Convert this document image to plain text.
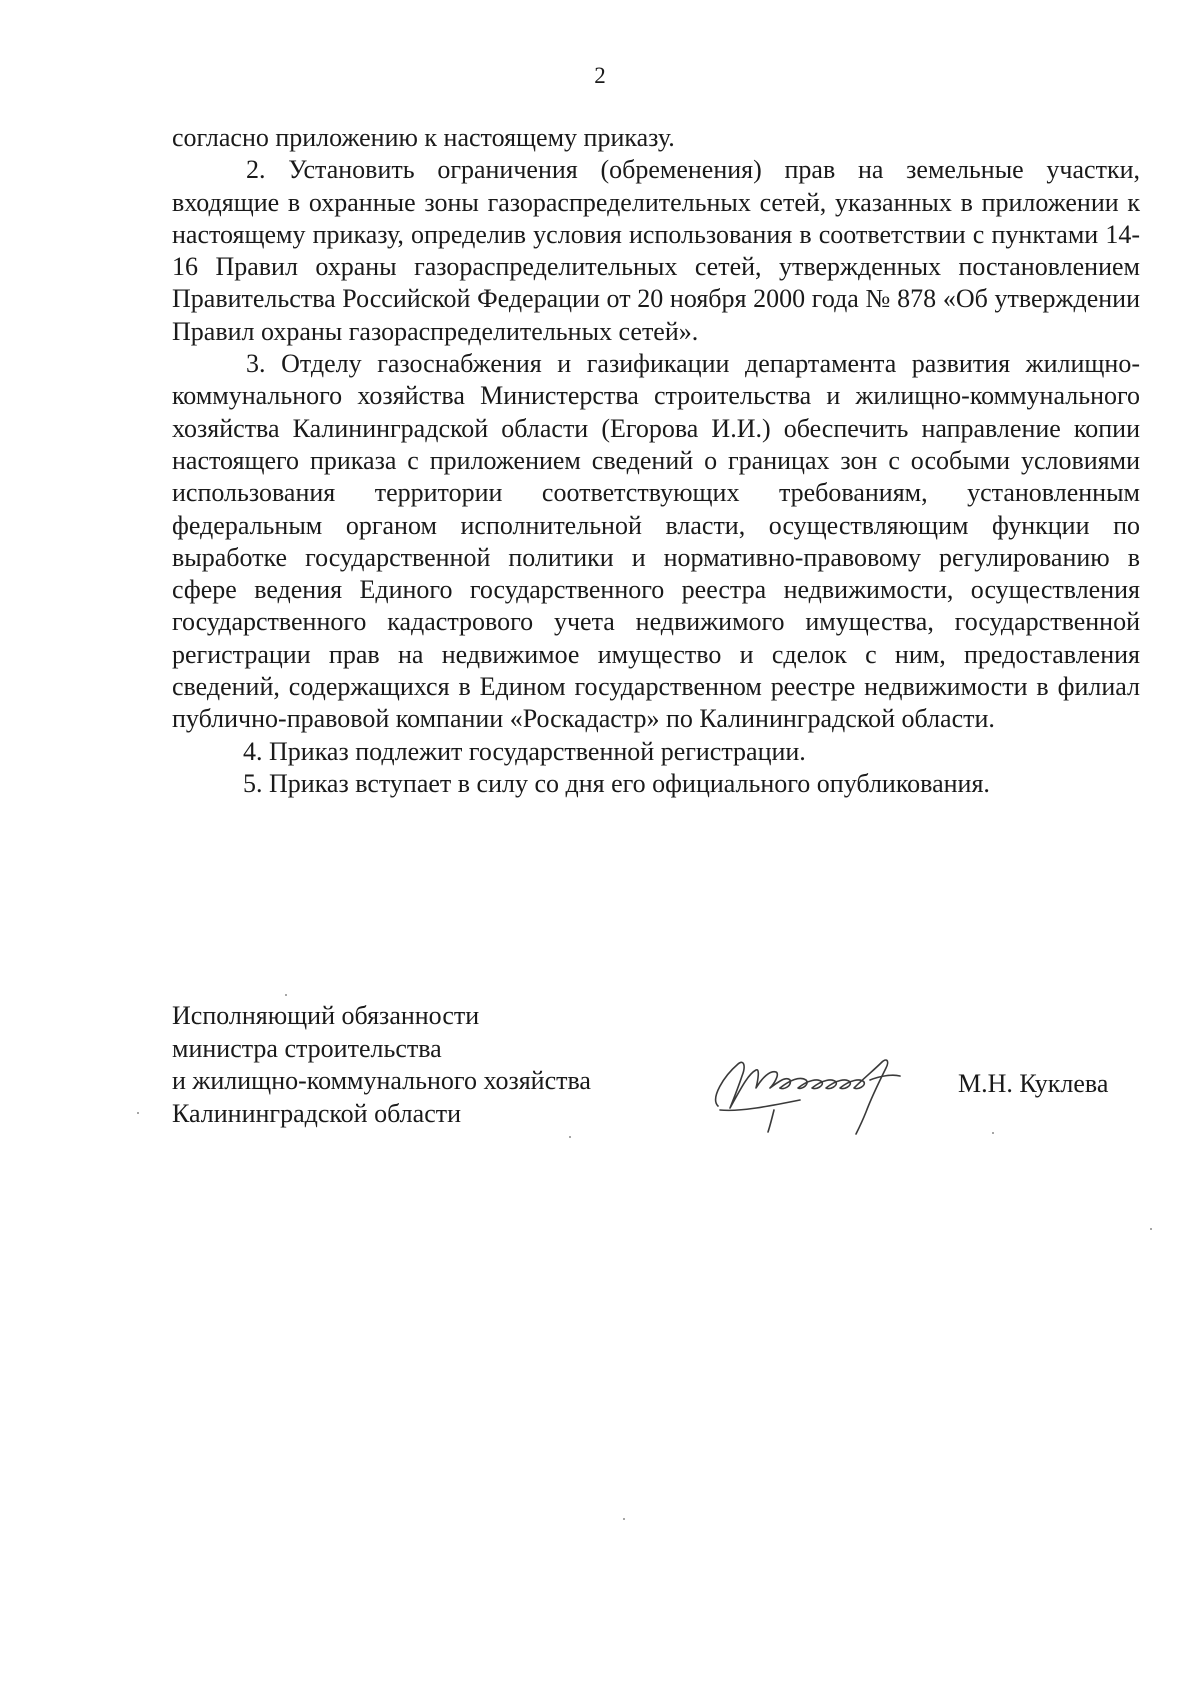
2

согласно приложению к настоящему приказу.

2. Установить ограничения (обременения) прав на земельные участки, входящие в охранные зоны газораспределительных сетей, указанных в приложении к настоящему приказу, определив условия использования в соответствии с пунктами 14-16 Правил охраны газораспределительных сетей, утвержденных постановлением Правительства Российской Федерации от 20 ноября 2000 года № 878 «Об утверждении Правил охраны газораспределительных сетей».

3. Отделу газоснабжения и газификации департамента развития жилищно-коммунального хозяйства Министерства строительства и жилищно-коммунального хозяйства Калининградской области (Егорова И.И.) обеспечить направление копии настоящего приказа с приложением сведений о границах зон с особыми условиями использования территории соответствующих требованиям, установленным федеральным органом исполнительной власти, осуществляющим функции по выработке государственной политики и нормативно-правовому регулированию в сфере ведения Единого государственного реестра недвижимости, осуществления государственного кадастрового учета недвижимого имущества, государственной регистрации прав на недвижимое имущество и сделок с ним, предоставления сведений, содержащихся в Едином государственном реестре недвижимости в филиал публично-правовой компании «Роскадастр» по Калининградской области.

4. Приказ подлежит государственной регистрации.

5. Приказ вступает в силу со дня его официального опубликования.

Исполняющий обязанности
министра строительства
и жилищно-коммунального хозяйства
Калининградской области
М.Н. Куклева
